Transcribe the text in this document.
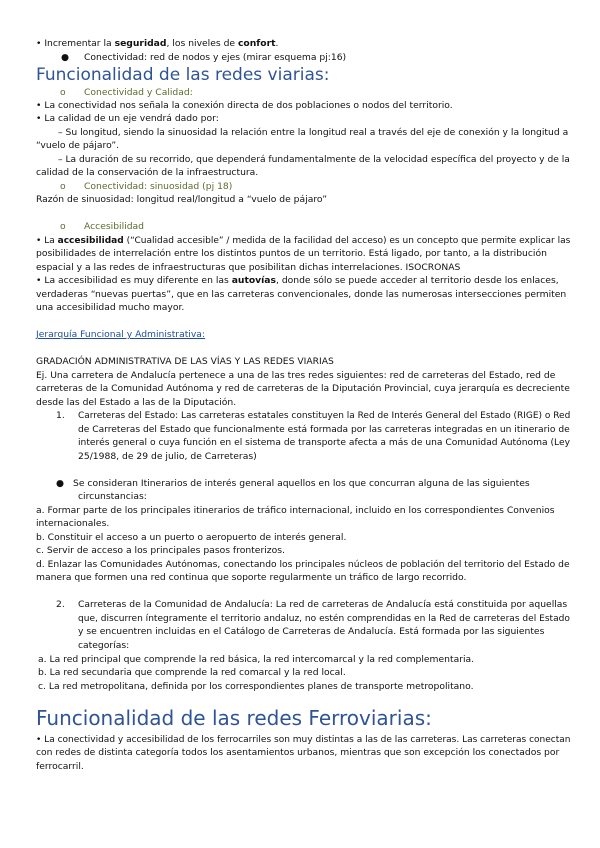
• Incrementar la seguridad, los niveles de confort.
● Conectividad: red de nodos y ejes (mirar esquema pj:16)
Funcionalidad de las redes viarias:
o Conectividad y Calidad:
• La conectividad nos señala la conexión directa de dos poblaciones o nodos del territorio.
• La calidad de un eje vendrá dado por:
– Su longitud, siendo la sinuosidad la relación entre la longitud real a través del eje de conexión y la longitud a
“vuelo de pájaro”.
– La duración de su recorrido, que dependerá fundamentalmente de la velocidad específica del proyecto y de la
calidad de la conservación de la infraestructura.
o Conectividad: sinuosidad (pj 18)
Razón de sinuosidad: longitud real/longitud a “vuelo de pájaro”
o Accesibilidad
• La accesibilidad (“Cualidad accesible” / medida de la facilidad del acceso) es un concepto que permite explicar las
posibilidades de interrelación entre los distintos puntos de un territorio. Está ligado, por tanto, a la distribución
espacial y a las redes de infraestructuras que posibilitan dichas interrelaciones. ISOCRONAS
• La accesibilidad es muy diferente en las autovías, donde sólo se puede acceder al territorio desde los enlaces,
verdaderas “nuevas puertas”, que en las carreteras convencionales, donde las numerosas intersecciones permiten
una accesibilidad mucho mayor.
Jerarquía Funcional y Administrativa:
GRADACIÓN ADMINISTRATIVA DE LAS VÍAS Y LAS REDES VIARIAS
Ej. Una carretera de Andalucía pertenece a una de las tres redes siguientes: red de carreteras del Estado, red de
carreteras de la Comunidad Autónoma y red de carreteras de la Diputación Provincial, cuya jerarquía es decreciente
desde las del Estado a las de la Diputación.
1. Carreteras del Estado: Las carreteras estatales constituyen la Red de Interés General del Estado (RIGE) o Red
de Carreteras del Estado que funcionalmente está formada por las carreteras integradas en un itinerario de
interés general o cuya función en el sistema de transporte afecta a más de una Comunidad Autónoma (Ley
25/1988, de 29 de julio, de Carreteras)
● Se consideran Itinerarios de interés general aquellos en los que concurran alguna de las siguientes
circunstancias:
a. Formar parte de los principales itinerarios de tráfico internacional, incluido en los correspondientes Convenios
internacionales.
b. Constituir el acceso a un puerto o aeropuerto de interés general.
c. Servir de acceso a los principales pasos fronterizos.
d. Enlazar las Comunidades Autónomas, conectando los principales núcleos de población del territorio del Estado de
manera que formen una red continua que soporte regularmente un tráfico de largo recorrido.
2. Carreteras de la Comunidad de Andalucía: La red de carreteras de Andalucía está constituida por aquellas
que, discurren íntegramente el territorio andaluz, no estén comprendidas en la Red de carreteras del Estado
y se encuentren incluidas en el Catálogo de Carreteras de Andalucía. Está formada por las siguientes
categorías:
a. La red principal que comprende la red básica, la red intercomarcal y la red complementaria.
b. La red secundaria que comprende la red comarcal y la red local.
c. La red metropolitana, definida por los correspondientes planes de transporte metropolitano.
Funcionalidad de las redes Ferroviarias:
• La conectividad y accesibilidad de los ferrocarriles son muy distintas a las de las carreteras. Las carreteras conectan
con redes de distinta categoría todos los asentamientos urbanos, mientras que son excepción los conectados por
ferrocarril.
